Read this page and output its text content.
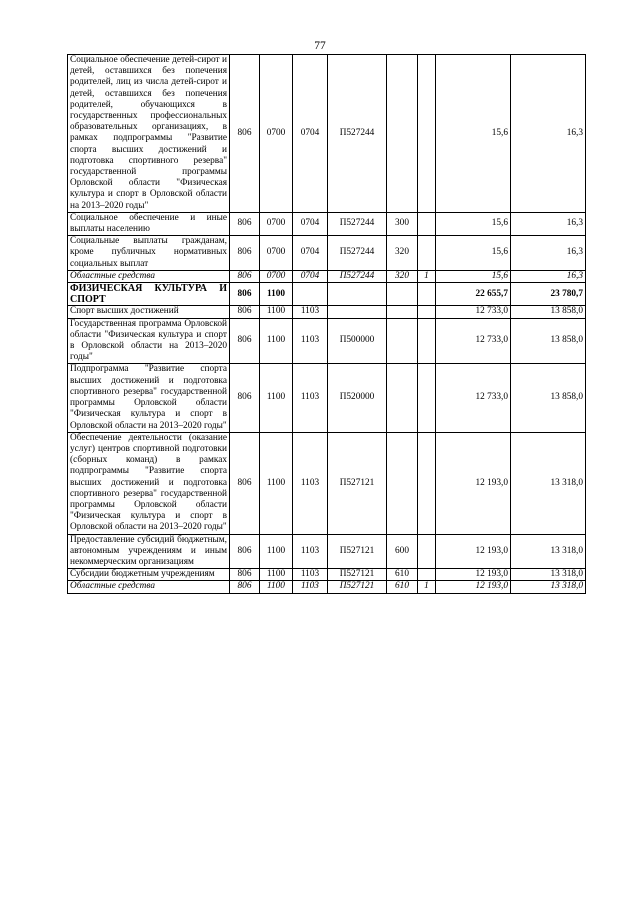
77
Социальное обеспечение детей-сирот и детей, оставшихся без попечения родителей, лиц из числа детей-сирот и детей, оставшихся без попечения родителей, обучающихся в государственных профессиональных образовательных организациях, в рамках подпрограммы "Развитие спорта высших достижений и подготовка спортивного резерва" государственной программы Орловской области "Физическая культура и спорт в Орловской области на 2013–2020 годы"	806	0700	0704	П527244			15,6	16,3
Социальное обеспечение и иные выплаты населению	806	0700	0704	П527244	300		15,6	16,3
Социальные выплаты гражданам, кроме публичных нормативных социальных выплат	806	0700	0704	П527244	320		15,6	16,3
Областные средства	806	0700	0704	П527244	320	1	15,6	16,3
ФИЗИЧЕСКАЯ КУЛЬТУРА И СПОРТ	806	1100					22 655,7	23 780,7
Спорт высших достижений	806	1100	1103				12 733,0	13 858,0
Государственная программа Орловской области "Физическая культура и спорт в Орловской области на 2013–2020 годы"	806	1100	1103	П500000			12 733,0	13 858,0
Подпрограмма "Развитие спорта высших достижений и подготовка спортивного резерва" государственной программы Орловской области "Физическая культура и спорт в Орловской области на 2013–2020 годы"	806	1100	1103	П520000			12 733,0	13 858,0
Обеспечение деятельности (оказание услуг) центров спортивной подготовки (сборных команд) в рамках подпрограммы "Развитие спорта высших достижений и подготовка спортивного резерва" государственной программы Орловской области "Физическая культура и спорт в Орловской области на 2013–2020 годы"	806	1100	1103	П527121			12 193,0	13 318,0
Предоставление субсидий бюджетным, автономным учреждениям и иным некоммерческим организациям	806	1100	1103	П527121	600		12 193,0	13 318,0
Субсидии бюджетным учреждениям	806	1100	1103	П527121	610		12 193,0	13 318,0
Областные средства	806	1100	1103	П527121	610	1	12 193,0	13 318,0
